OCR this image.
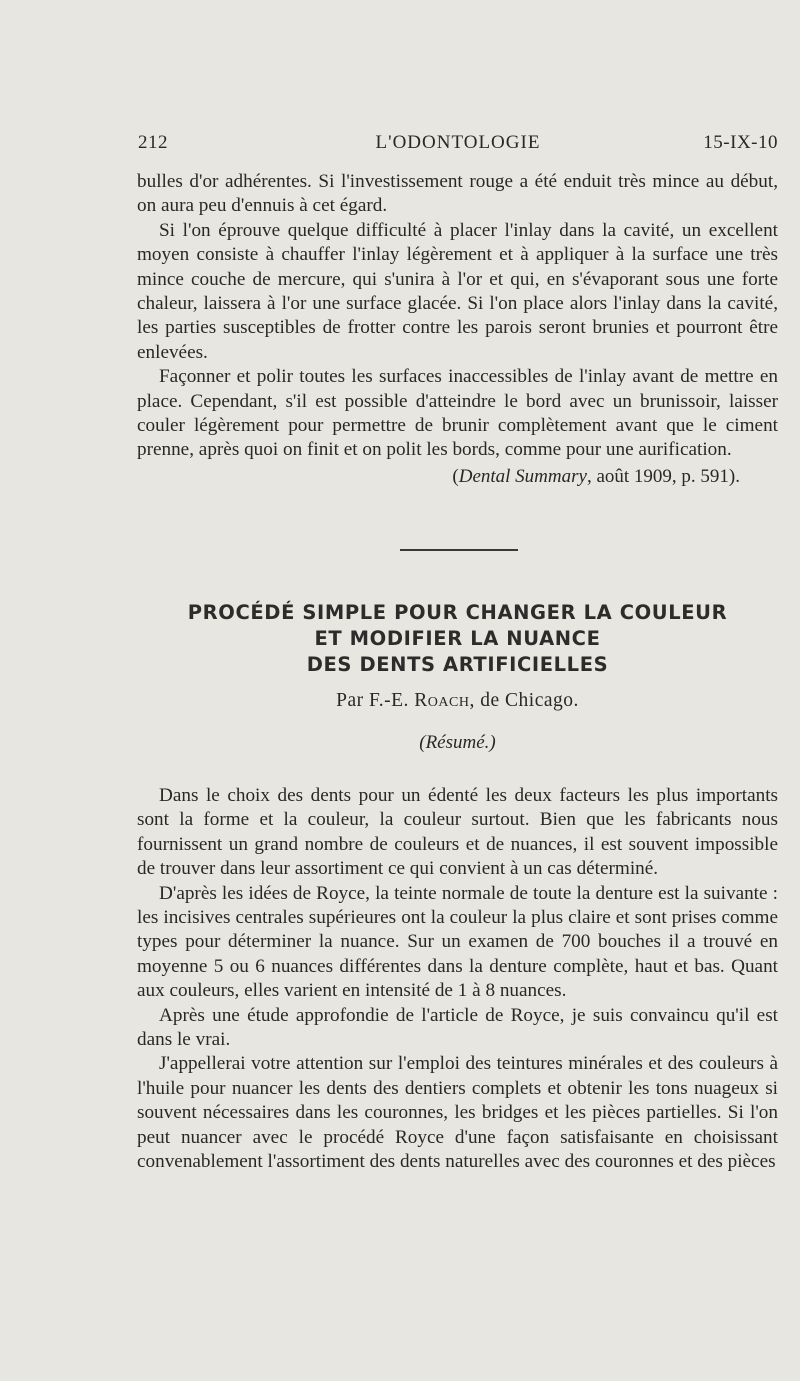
212	L'ODONTOLOGIE	15-IX-10

bulles d'or adhérentes. Si l'investissement rouge a été enduit très mince au début, on aura peu d'ennuis à cet égard.

Si l'on éprouve quelque difficulté à placer l'inlay dans la cavité, un excellent moyen consiste à chauffer l'inlay légèrement et à appliquer à la surface une très mince couche de mercure, qui s'unira à l'or et qui, en s'évaporant sous une forte chaleur, laissera à l'or une surface glacée. Si l'on place alors l'inlay dans la cavité, les parties susceptibles de frotter contre les parois seront brunies et pourront être enlevées.

Façonner et polir toutes les surfaces inaccessibles de l'inlay avant de mettre en place. Cependant, s'il est possible d'atteindre le bord avec un brunissoir, laisser couler légèrement pour permettre de brunir complètement avant que le ciment prenne, après quoi on finit et on polit les bords, comme pour une aurification.

(Dental Summary, août 1909, p. 591).
PROCÉDÉ SIMPLE POUR CHANGER LA COULEUR
ET MODIFIER LA NUANCE
DES DENTS ARTIFICIELLES
Par F.-E. Roach, de Chicago.
(Résumé.)

Dans le choix des dents pour un édenté les deux facteurs les plus importants sont la forme et la couleur, la couleur surtout. Bien que les fabricants nous fournissent un grand nombre de couleurs et de nuances, il est souvent impossible de trouver dans leur assortiment ce qui convient à un cas déterminé.

D'après les idées de Royce, la teinte normale de toute la denture est la suivante : les incisives centrales supérieures ont la couleur la plus claire et sont prises comme types pour déterminer la nuance. Sur un examen de 700 bouches il a trouvé en moyenne 5 ou 6 nuances différentes dans la denture complète, haut et bas. Quant aux couleurs, elles varient en intensité de 1 à 8 nuances.

Après une étude approfondie de l'article de Royce, je suis convaincu qu'il est dans le vrai.

J'appellerai votre attention sur l'emploi des teintures minérales et des couleurs à l'huile pour nuancer les dents des dentiers complets et obtenir les tons nuageux si souvent nécessaires dans les couronnes, les bridges et les pièces partielles. Si l'on peut nuancer avec le procédé Royce d'une façon satisfaisante en choisissant convenablement l'assortiment des dents naturelles avec des couronnes et des pièces
